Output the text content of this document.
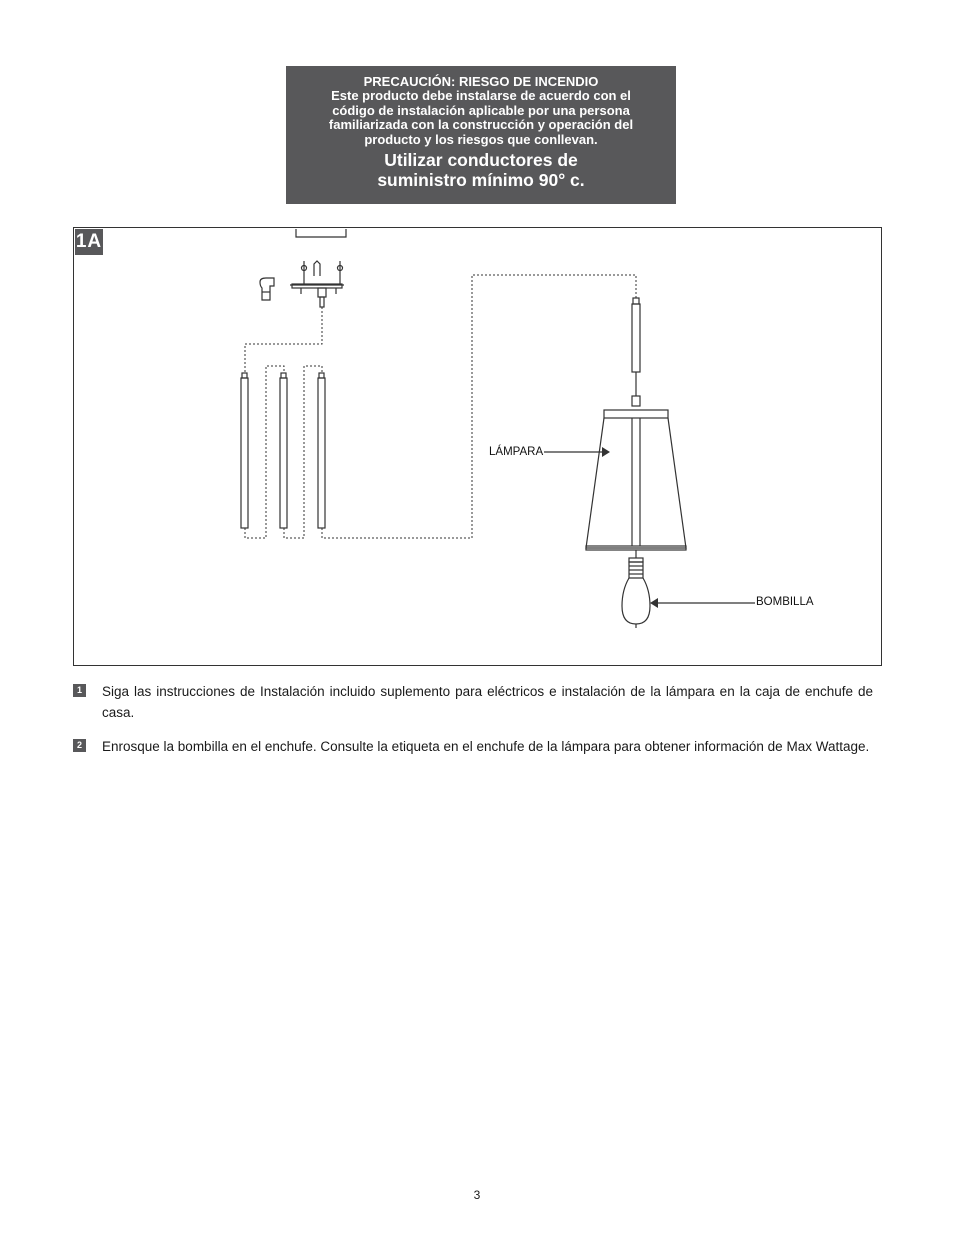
PRECAUCIÓN: RIESGO DE INCENDIO
Este producto debe instalarse de acuerdo con el código de instalación aplicable por una persona familiarizada con la construcción y operación del producto y los riesgos que conllevan.
Utilizar conductores de suministro mínimo 90° c.
1A
LÁMPARA
BOMBILLA
1 Siga las instrucciones de Instalación incluido suplemento para eléctricos e instalación de la lámpara en la caja de enchufe de casa.
2 Enrosque la bombilla en el enchufe. Consulte la etiqueta en el enchufe de la lámpara para obtener información de Max Wattage.
3
